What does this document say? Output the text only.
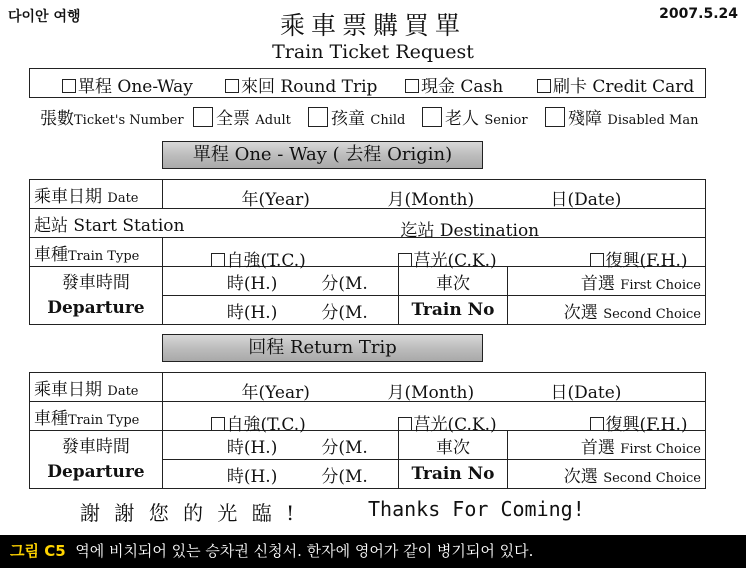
다이안 여행	2007.5.24
乘車票購買單
Train Ticket Request
單程 One-Way	來回 Round Trip	現金 Cash	刷卡 Credit Card
張數Ticket's Number	全票 Adult	孩童 Child	老人 Senior	殘障 Disabled Man
單程 One - Way ( 去程 Origin)
乘車日期 Date	年(Year) 月(Month) 日(Date)		

起站 Start Station 迄站 Destination			

車種Train Type	自強(T.C.) 莒光(C.K.) 復興(F.H.)		

發車時間
Departure	時(H.) 分(M.	車次	首選 First Choice
	時(H.) 分(M.	Train No	次選 Second Choice
回程 Return Trip
乘車日期 Date	年(Year) 月(Month) 日(Date)		

車種Train Type	自強(T.C.) 莒光(C.K.) 復興(F.H.)		

發車時間
Departure	時(H.) 分(M.	車次	首選 First Choice
	時(H.) 分(M.	Train No	次選 Second Choice
謝 謝 您 的 光 臨 !	Thanks For Coming!
그림 C5 역에 비치되어 있는 승차권 신청서. 한자에 영어가 같이 병기되어 있다.
